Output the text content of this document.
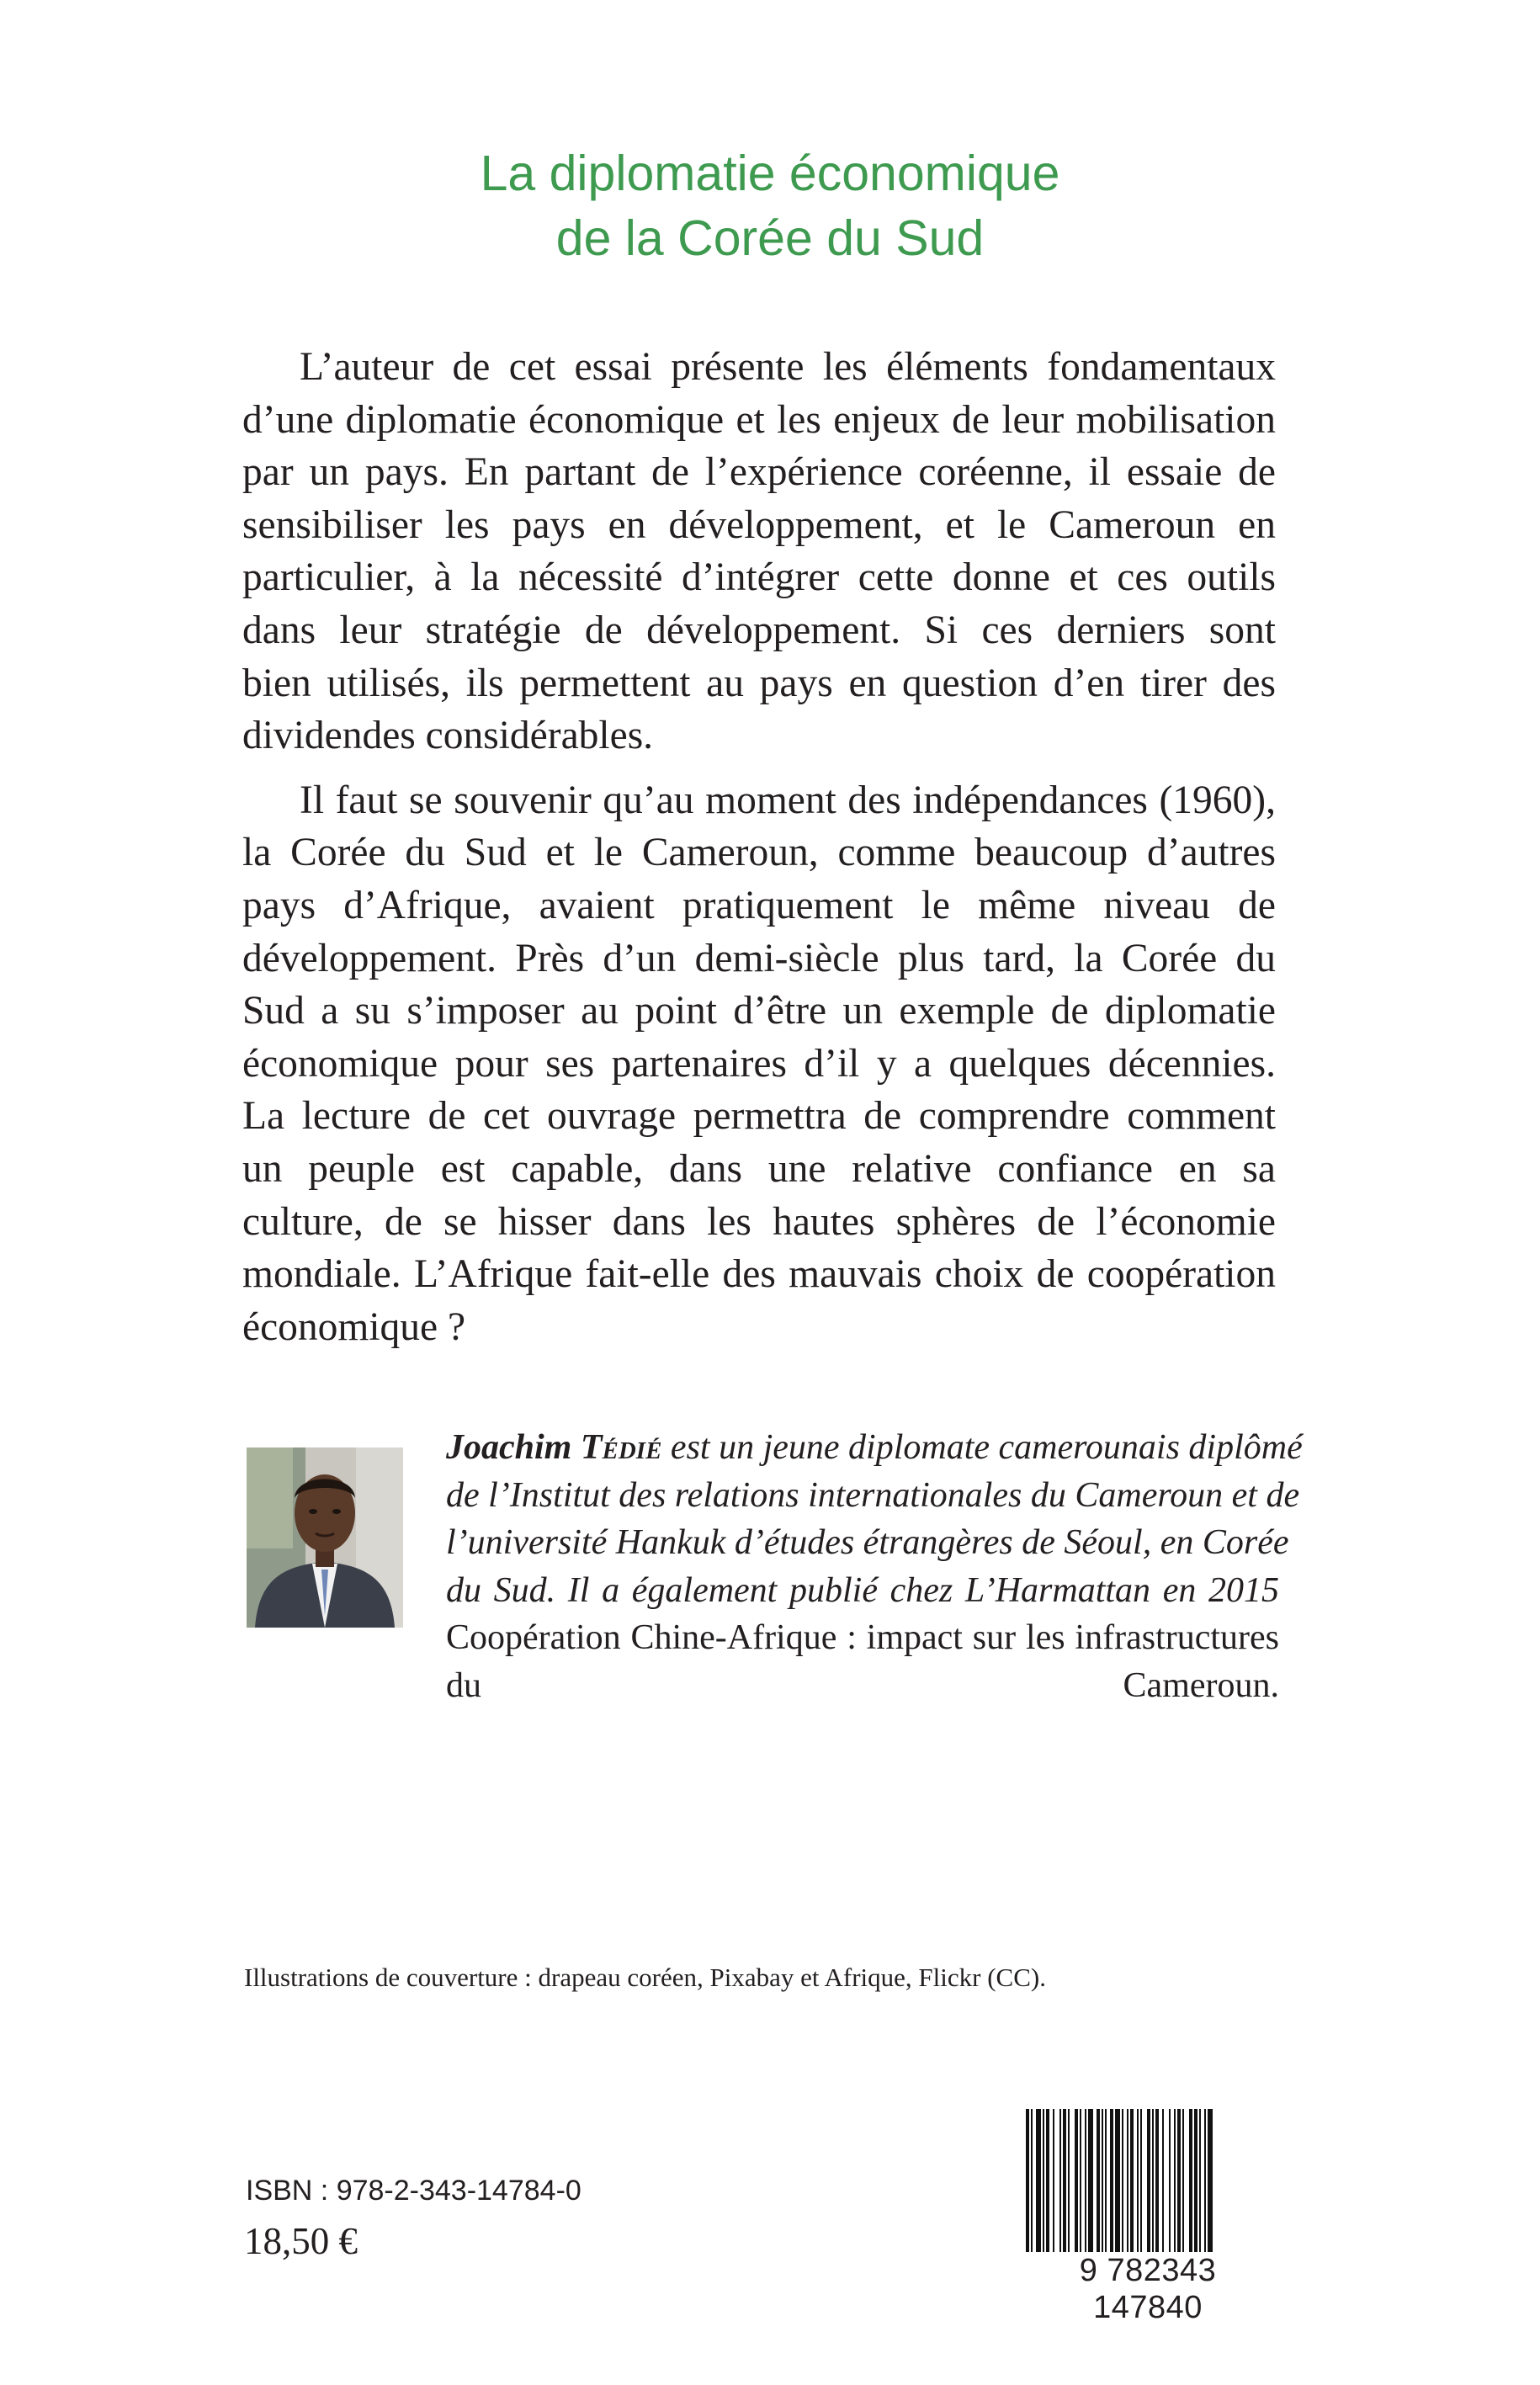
La diplomatie économique
de la Corée du Sud
L’auteur de cet essai présente les éléments fondamentaux
d’une diplomatie économique et les enjeux de leur mobilisation
par un pays. En partant de l’expérience coréenne, il essaie de
sensibiliser les pays en développement, et le Cameroun en
particulier, à la nécessité d’intégrer cette donne et ces outils
dans leur stratégie de développement. Si ces derniers sont
bien utilisés, ils permettent au pays en question d’en tirer des
dividendes considérables.
Il faut se souvenir qu’au moment des indépendances (1960),
la Corée du Sud et le Cameroun, comme beaucoup d’autres
pays d’Afrique, avaient pratiquement le même niveau de
développement. Près d’un demi-siècle plus tard, la Corée du
Sud a su s’imposer au point d’être un exemple de diplomatie
économique pour ses partenaires d’il y a quelques décennies.
La lecture de cet ouvrage permettra de comprendre comment
un peuple est capable, dans une relative confiance en sa
culture, de se hisser dans les hautes sphères de l’économie
mondiale. L’Afrique fait-elle des mauvais choix de coopération
économique ?
Joachim Tédié est un jeune diplomate camerounais diplômé
de l’Institut des relations internationales du Cameroun et de
l’université Hankuk d’études étrangères de Séoul, en Corée
du Sud. Il a également publié chez L’Harmattan en 2015
Coopération Chine-Afrique : impact sur les infrastructures
du Cameroun.
Illustrations de couverture : drapeau coréen, Pixabay et Afrique, Flickr (CC).
ISBN : 978-2-343-14784-0
18,50 €
9 782343 147840
